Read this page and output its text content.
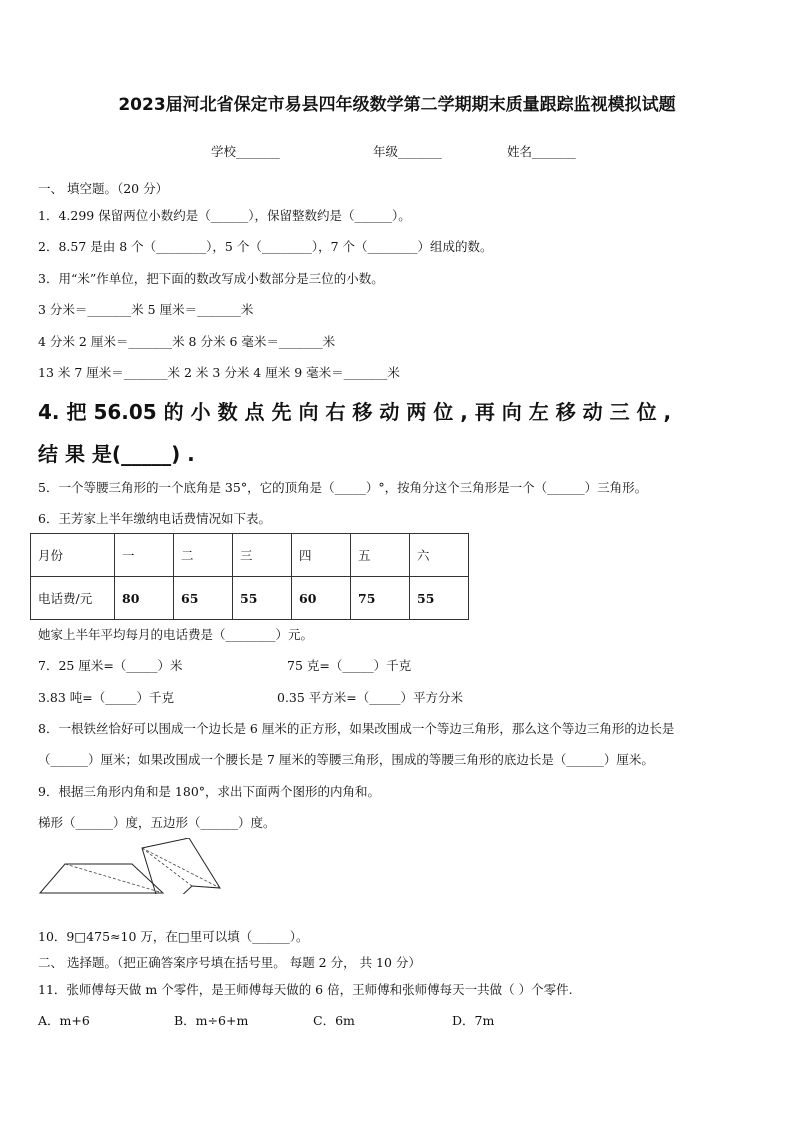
2023届河北省保定市易县四年级数学第二学期期末质量跟踪监视模拟试题
学校_______	年级_______	姓名_______
一、 填空题。（20 分）
1．4.299 保留两位小数约是（______），保留整数约是（______）。
2．8.57 是由 8 个（________），5 个（________），7 个（________）组成的数。
3．用“米”作单位，把下面的数改写成小数部分是三位的小数。
3 分米＝_______米 5 厘米＝_______米
4 分米 2 厘米＝_______米 8 分米 6 毫米＝_______米
13 米 7 厘米＝_______米 2 米 3 分米 4 厘米 9 毫米＝_______米
4. 把 56.05 的 小 数 点 先 向 右 移 动 两 位 , 再 向 左 移 动 三 位 ,
结 果 是(_____) .
5．一个等腰三角形的一个底角是 35°，它的顶角是（_____）°，按角分这个三角形是一个（______）三角形。
6．王芳家上半年缴纳电话费情况如下表。
月份	一	二	三	四	五	六
电话费/元	80	65	55	60	75	55
她家上半年平均每月的电话费是（________）元。
7．25 厘米=（_____）米	75 克=（_____）千克
3.83 吨=（_____）千克	0.35 平方米=（_____）平方分米
8．一根铁丝恰好可以围成一个边长是 6 厘米的正方形，如果改围成一个等边三角形，那么这个等边三角形的边长是
（______）厘米；如果改围成一个腰长是 7 厘米的等腰三角形，围成的等腰三角形的底边长是（______）厘米。
9．根据三角形内角和是 180°，求出下面两个图形的内角和。
梯形（______）度，五边形（______）度。
10．9□475≈10 万，在□里可以填（______）。
二、 选择题。（把正确答案序号填在括号里。 每题 2 分， 共 10 分）
11．张师傅每天做 m 个零件，是王师傅每天做的 6 倍，王师傅和张师傅每天一共做（ ）个零件.
A．m+6	B．m÷6+m	C．6m	D．7m
